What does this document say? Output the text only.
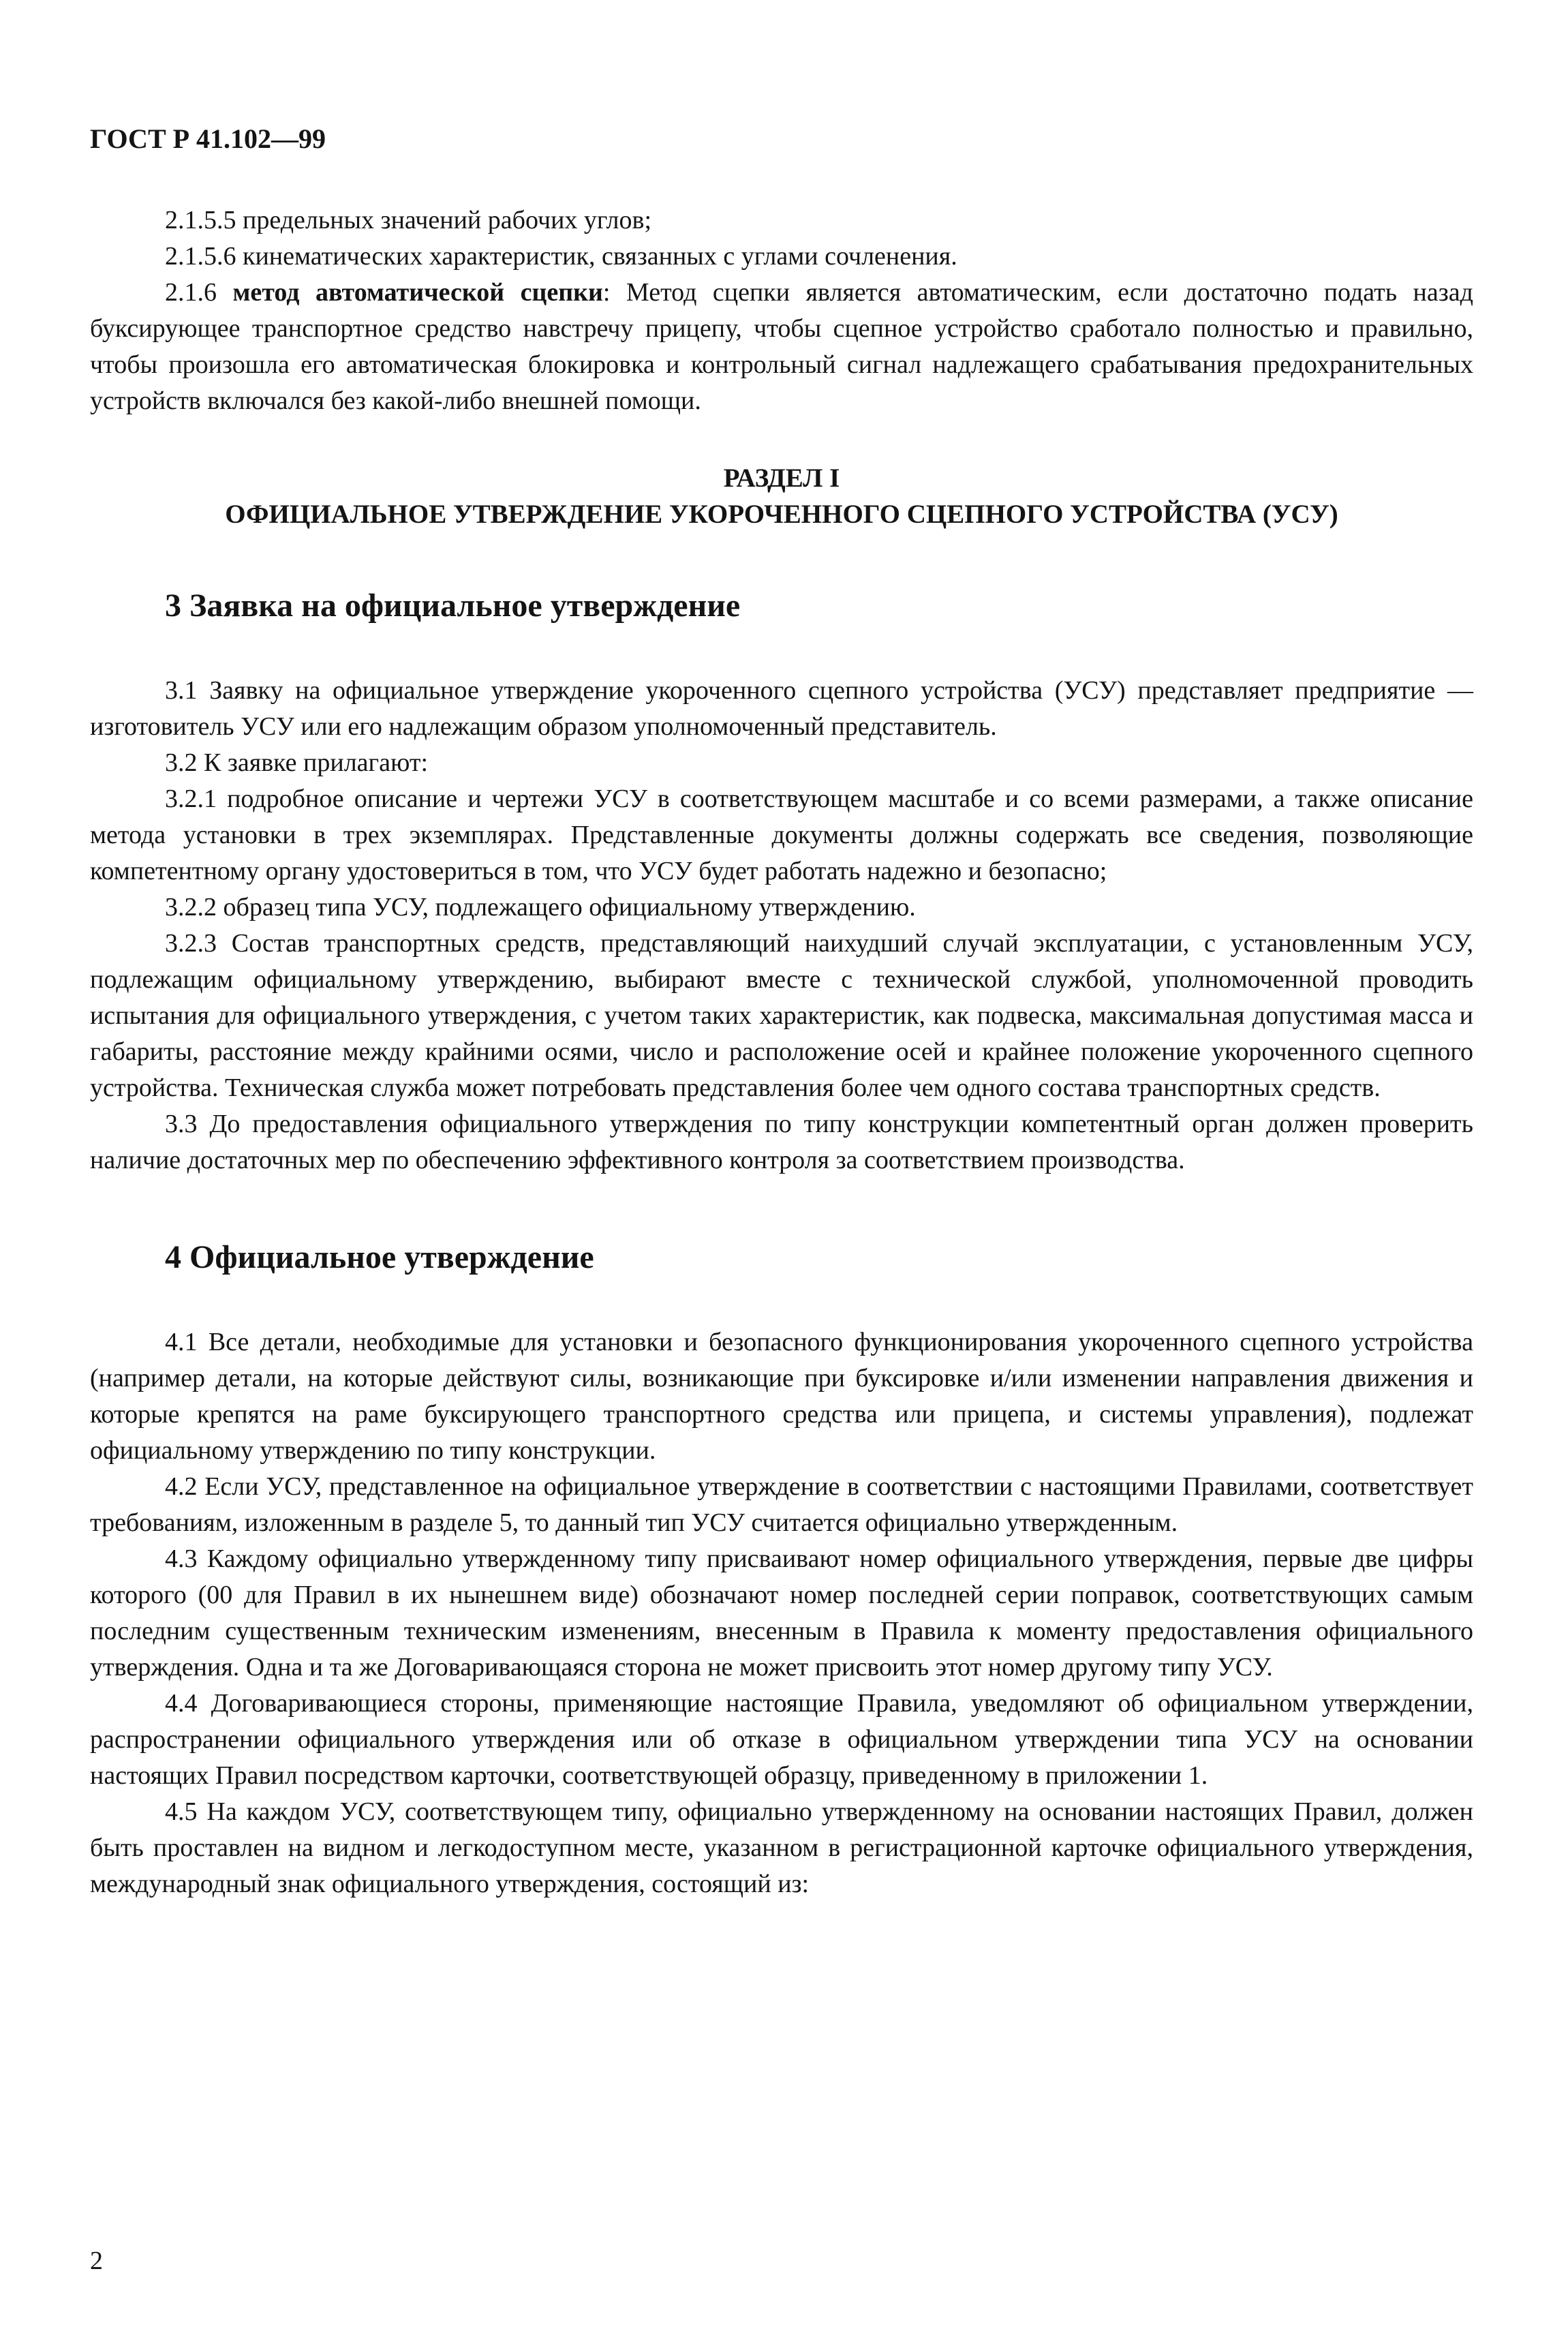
ГОСТ Р 41.102—99

2.1.5.5 предельных значений рабочих углов;

2.1.5.6 кинематических характеристик, связанных с углами сочленения.

2.1.6 метод автоматической сцепки: Метод сцепки является автоматическим, если достаточно подать назад буксирующее транспортное средство навстречу прицепу, чтобы сцепное устройство сработало полностью и правильно, чтобы произошла его автоматическая блокировка и контрольный сигнал надлежащего срабатывания предохранительных устройств включался без какой-либо внешней помощи.

РАЗДЕЛ I
ОФИЦИАЛЬНОЕ УТВЕРЖДЕНИЕ УКОРОЧЕННОГО СЦЕПНОГО УСТРОЙСТВА (УСУ)
3 Заявка на официальное утверждение

3.1 Заявку на официальное утверждение укороченного сцепного устройства (УСУ) представляет предприятие — изготовитель УСУ или его надлежащим образом уполномоченный представитель.

3.2 К заявке прилагают:

3.2.1 подробное описание и чертежи УСУ в соответствующем масштабе и со всеми размерами, а также описание метода установки в трех экземплярах. Представленные документы должны содержать все сведения, позволяющие компетентному органу удостовериться в том, что УСУ будет работать надежно и безопасно;

3.2.2 образец типа УСУ, подлежащего официальному утверждению.

3.2.3 Состав транспортных средств, представляющий наихудший случай эксплуатации, с установленным УСУ, подлежащим официальному утверждению, выбирают вместе с технической службой, уполномоченной проводить испытания для официального утверждения, с учетом таких характеристик, как подвеска, максимальная допустимая масса и габариты, расстояние между крайними осями, число и расположение осей и крайнее положение укороченного сцепного устройства. Техническая служба может потребовать представления более чем одного состава транспортных средств.

3.3 До предоставления официального утверждения по типу конструкции компетентный орган должен проверить наличие достаточных мер по обеспечению эффективного контроля за соответствием производства.

4 Официальное утверждение

4.1 Все детали, необходимые для установки и безопасного функционирования укороченного сцепного устройства (например детали, на которые действуют силы, возникающие при буксировке и/или изменении направления движения и которые крепятся на раме буксирующего транспортного средства или прицепа, и системы управления), подлежат официальному утверждению по типу конструкции.

4.2 Если УСУ, представленное на официальное утверждение в соответствии с настоящими Правилами, соответствует требованиям, изложенным в разделе 5, то данный тип УСУ считается официально утвержденным.

4.3 Каждому официально утвержденному типу присваивают номер официального утверждения, первые две цифры которого (00 для Правил в их нынешнем виде) обозначают номер последней серии поправок, соответствующих самым последним существенным техническим изменениям, внесенным в Правила к моменту предоставления официального утверждения. Одна и та же Договаривающаяся сторона не может присвоить этот номер другому типу УСУ.

4.4 Договаривающиеся стороны, применяющие настоящие Правила, уведомляют об официальном утверждении, распространении официального утверждения или об отказе в официальном утверждении типа УСУ на основании настоящих Правил посредством карточки, соответствующей образцу, приведенному в приложении 1.

4.5 На каждом УСУ, соответствующем типу, официально утвержденному на основании настоящих Правил, должен быть проставлен на видном и легкодоступном месте, указанном в регистрационной карточке официального утверждения, международный знак официального утверждения, состоящий из:

2
